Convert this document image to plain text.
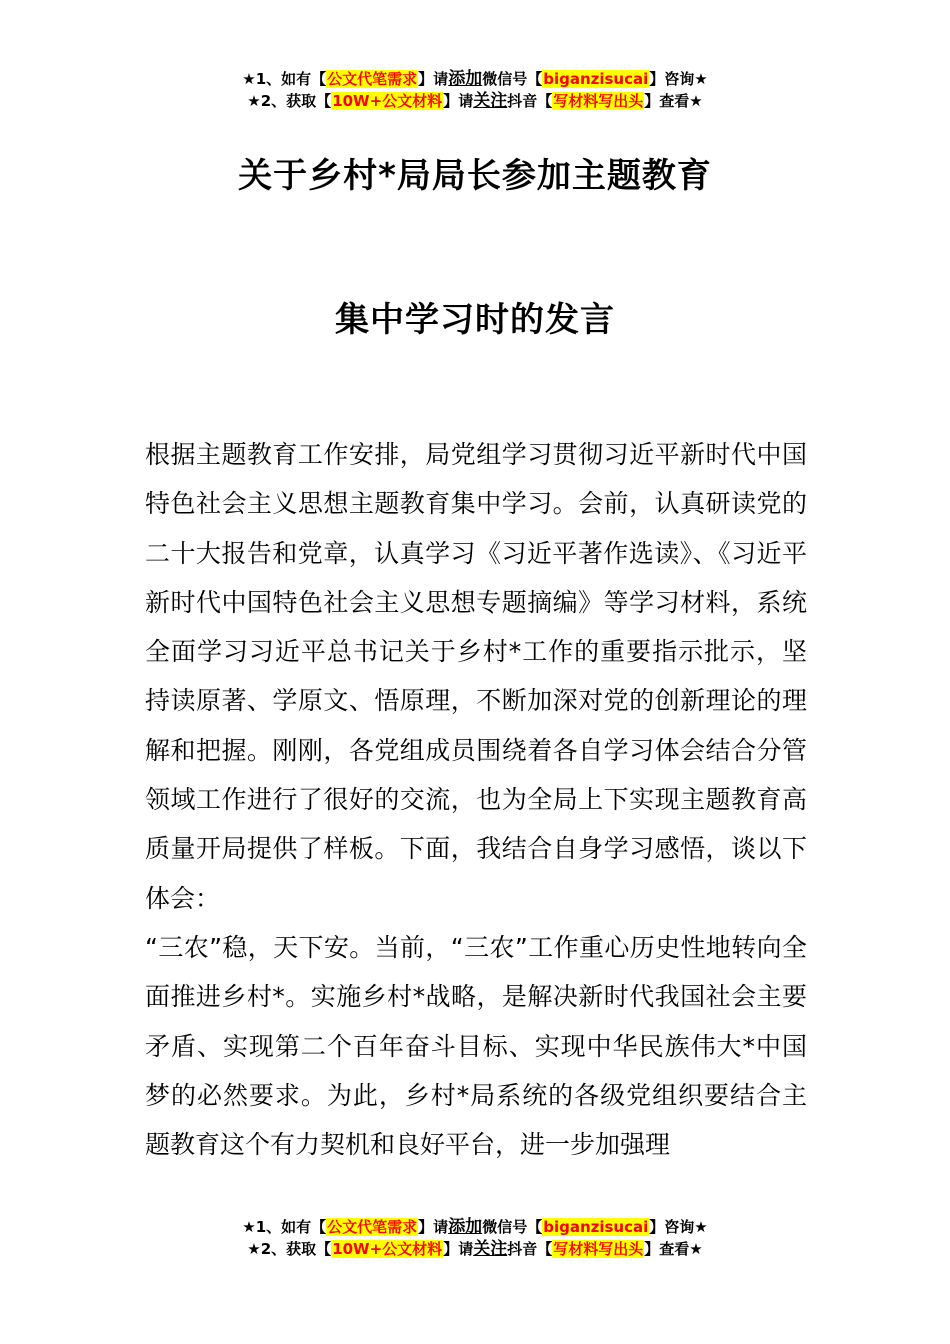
★1、如有【公文代笔需求】请添加微信号【biganzisucai】咨询★
★2、获取【10W+公文材料】请关注抖音【写材料写出头】查看★
关于乡村*局局长参加主题教育
集中学习时的发言

根据主题教育工作安排，局党组学习贯彻习近平新时代中国特色社会主义思想主题教育集中学习。会前，认真研读党的二十大报告和党章，认真学习《习近平著作选读》、《习近平新时代中国特色社会主义思想专题摘编》等学习材料，系统全面学习习近平总书记关于乡村*工作的重要指示批示，坚持读原著、学原文、悟原理，不断加深对党的创新理论的理解和把握。刚刚，各党组成员围绕着各自学习体会结合分管领域工作进行了很好的交流，也为全局上下实现主题教育高质量开局提供了样板。下面，我结合自身学习感悟，谈以下体会：

“三农”稳，天下安。当前，“三农”工作重心历史性地转向全面推进乡村*。实施乡村*战略，是解决新时代我国社会主要矛盾、实现第二个百年奋斗目标、实现中华民族伟大*中国梦的必然要求。为此，乡村*局系统的各级党组织要结合主题教育这个有力契机和良好平台，进一步加强理

★1、如有【公文代笔需求】请添加微信号【biganzisucai】咨询★
★2、获取【10W+公文材料】请关注抖音【写材料写出头】查看★
